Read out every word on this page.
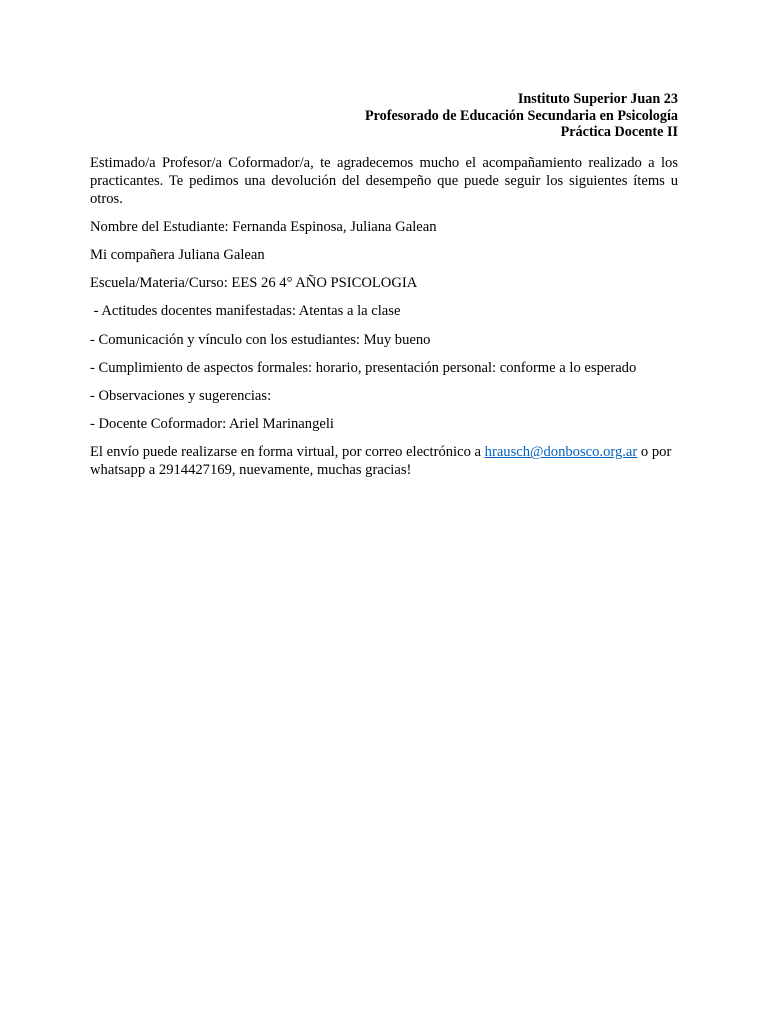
Instituto Superior Juan 23
Profesorado de Educación Secundaria en Psicología
Práctica Docente II

Estimado/a Profesor/a Coformador/a, te agradecemos mucho el acompañamiento realizado a los practicantes. Te pedimos una devolución del desempeño que puede seguir los siguientes ítems u otros.

Nombre del Estudiante: Fernanda Espinosa, Juliana Galean

Mi compañera Juliana Galean

Escuela/Materia/Curso: EES 26 4° AÑO PSICOLOGIA

- Actitudes docentes manifestadas: Atentas a la clase

- Comunicación y vínculo con los estudiantes: Muy bueno

- Cumplimiento de aspectos formales: horario, presentación personal: conforme a lo esperado

- Observaciones y sugerencias:

- Docente Coformador: Ariel Marinangeli

El envío puede realizarse en forma virtual, por correo electrónico a hrausch@donbosco.org.ar o por whatsapp a 2914427169, nuevamente, muchas gracias!
